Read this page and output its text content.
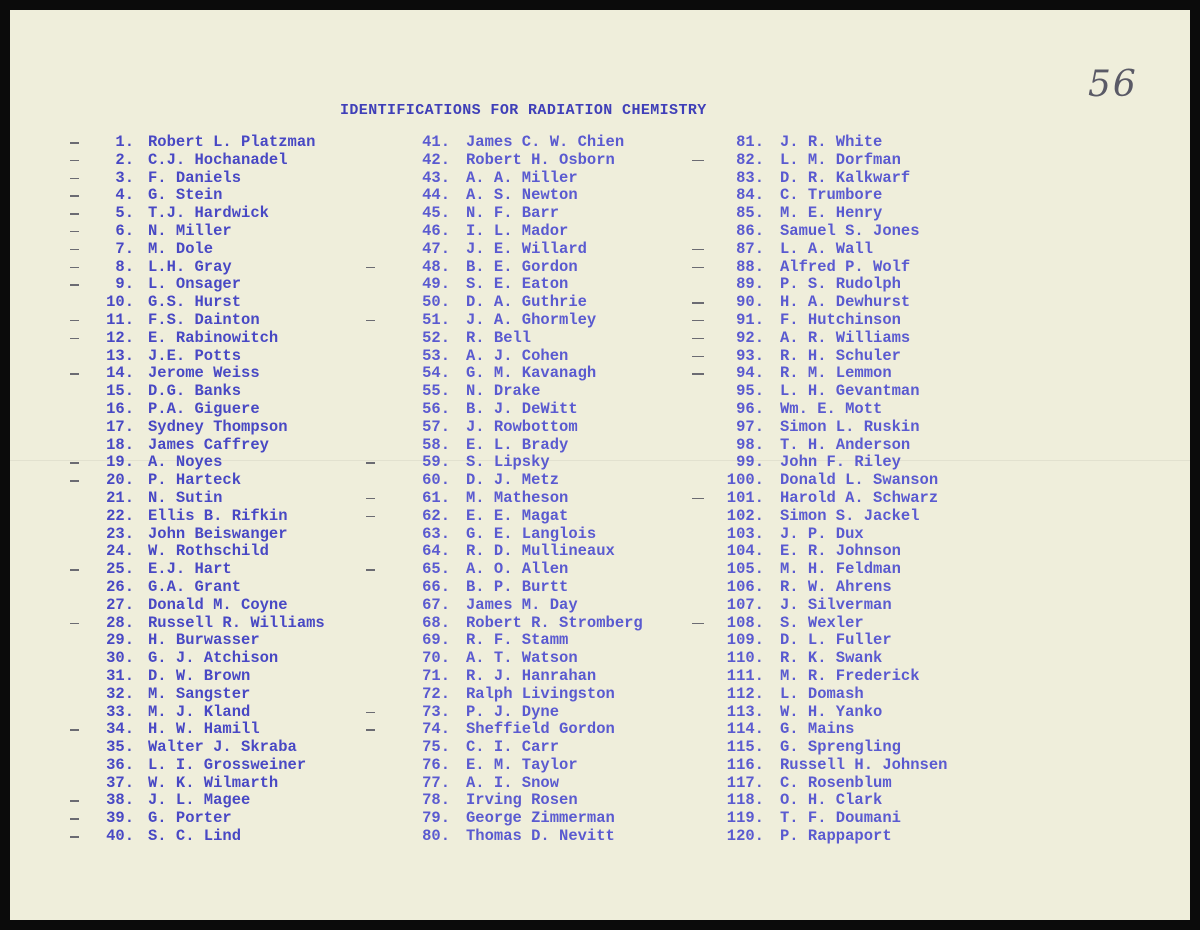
56
IDENTIFICATIONS FOR RADIATION CHEMISTRY
1. Robert L. Platzman
2. C.J. Hochanadel
3. F. Daniels
4. G. Stein
5. T.J. Hardwick
6. N. Miller
7. M. Dole
8. L.H. Gray
9. L. Onsager
10. G.S. Hurst
11. F.S. Dainton
12. E. Rabinowitch
13. J.E. Potts
14. Jerome Weiss
15. D.G. Banks
16. P.A. Giguere
17. Sydney Thompson
18. James Caffrey
19. A. Noyes
20. P. Harteck
21. N. Sutin
22. Ellis B. Rifkin
23. John Beiswanger
24. W. Rothschild
25. E.J. Hart
26. G.A. Grant
27. Donald M. Coyne
28. Russell R. Williams
29. H. Burwasser
30. G. J. Atchison
31. D. W. Brown
32. M. Sangster
33. M. J. Kland
34. H. W. Hamill
35. Walter J. Skraba
36. L. I. Grossweiner
37. W. K. Wilmarth
38. J. L. Magee
39. G. Porter
40. S. C. Lind
41. James C. W. Chien
42. Robert H. Osborn
43. A. A. Miller
44. A. S. Newton
45. N. F. Barr
46. I. L. Mador
47. J. E. Willard
48. B. E. Gordon
49. S. E. Eaton
50. D. A. Guthrie
51. J. A. Ghormley
52. R. Bell
53. A. J. Cohen
54. G. M. Kavanagh
55. N. Drake
56. B. J. DeWitt
57. J. Rowbottom
58. E. L. Brady
59. S. Lipsky
60. D. J. Metz
61. M. Matheson
62. E. E. Magat
63. G. E. Langlois
64. R. D. Mullineaux
65. A. O. Allen
66. B. P. Burtt
67. James M. Day
68. Robert R. Stromberg
69. R. F. Stamm
70. A. T. Watson
71. R. J. Hanrahan
72. Ralph Livingston
73. P. J. Dyne
74. Sheffield Gordon
75. C. I. Carr
76. E. M. Taylor
77. A. I. Snow
78. Irving Rosen
79. George Zimmerman
80. Thomas D. Nevitt
81. J. R. White
82. L. M. Dorfman
83. D. R. Kalkwarf
84. C. Trumbore
85. M. E. Henry
86. Samuel S. Jones
87. L. A. Wall
88. Alfred P. Wolf
89. P. S. Rudolph
90. H. A. Dewhurst
91. F. Hutchinson
92. A. R. Williams
93. R. H. Schuler
94. R. M. Lemmon
95. L. H. Gevantman
96. Wm. E. Mott
97. Simon L. Ruskin
98. T. H. Anderson
99. John F. Riley
100. Donald L. Swanson
101. Harold A. Schwarz
102. Simon S. Jackel
103. J. P. Dux
104. E. R. Johnson
105. M. H. Feldman
106. R. W. Ahrens
107. J. Silverman
108. S. Wexler
109. D. L. Fuller
110. R. K. Swank
111. M. R. Frederick
112. L. Domash
113. W. H. Yanko
114. G. Mains
115. G. Sprengling
116. Russell H. Johnsen
117. C. Rosenblum
118. O. H. Clark
119. T. F. Doumani
120. P. Rappaport
